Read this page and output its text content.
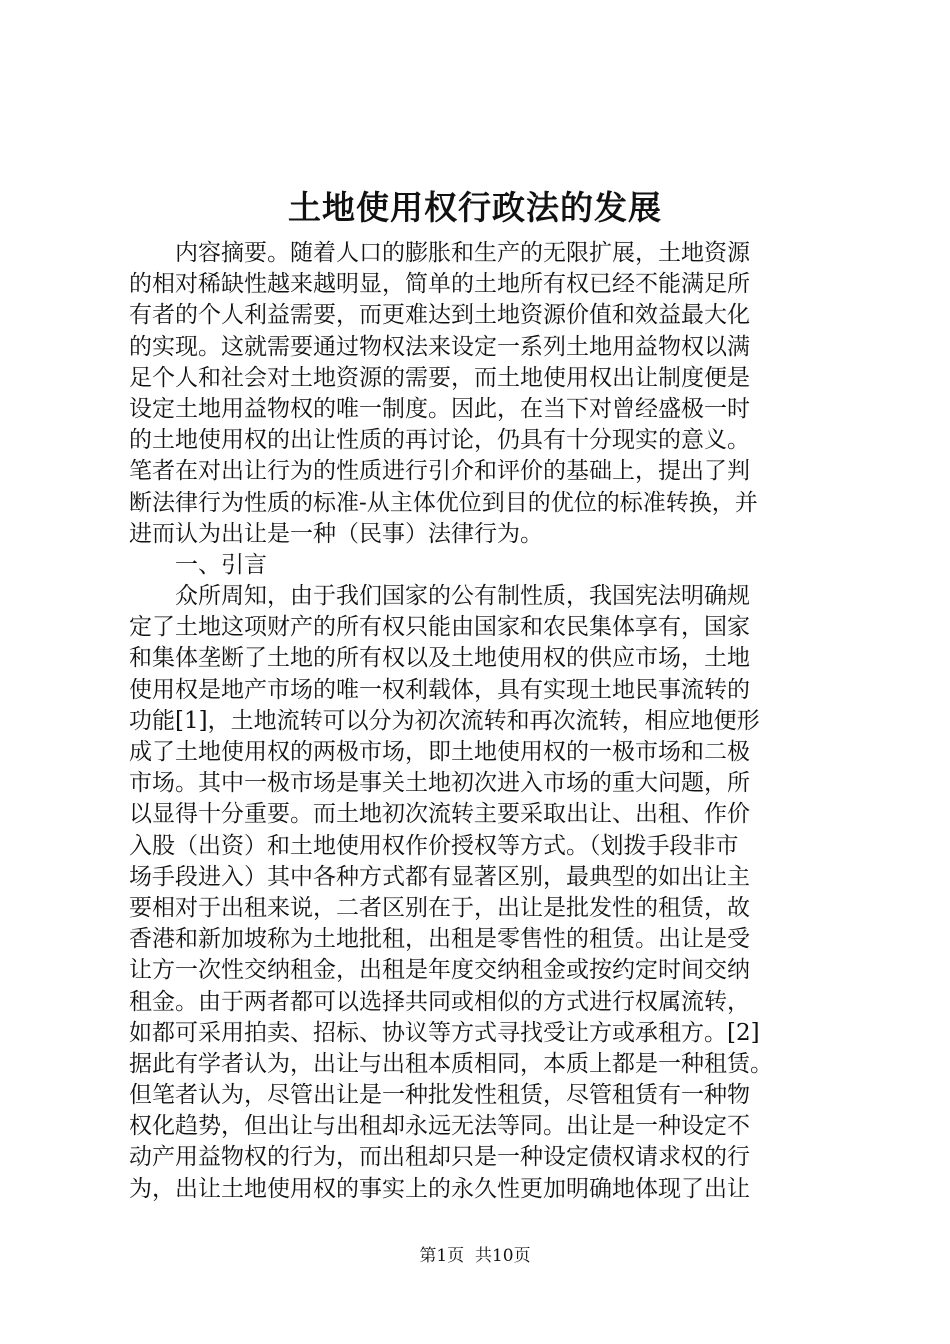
土地使用权行政法的发展
　　内容摘要。随着人口的膨胀和生产的无限扩展，土地资源
的相对稀缺性越来越明显，简单的土地所有权已经不能满足所
有者的个人利益需要，而更难达到土地资源价值和效益最大化
的实现。这就需要通过物权法来设定一系列土地用益物权以满
足个人和社会对土地资源的需要，而土地使用权出让制度便是
设定土地用益物权的唯一制度。因此，在当下对曾经盛极一时
的土地使用权的出让性质的再讨论，仍具有十分现实的意义。
笔者在对出让行为的性质进行引介和评价的基础上，提出了判
断法律行为性质的标准-从主体优位到目的优位的标准转换，并
进而认为出让是一种（民事）法律行为。
　　一、引言
　　众所周知，由于我们国家的公有制性质，我国宪法明确规
定了土地这项财产的所有权只能由国家和农民集体享有，国家
和集体垄断了土地的所有权以及土地使用权的供应市场，土地
使用权是地产市场的唯一权利载体，具有实现土地民事流转的
功能[1]，土地流转可以分为初次流转和再次流转，相应地便形
成了土地使用权的两极市场，即土地使用权的一极市场和二极
市场。其中一极市场是事关土地初次进入市场的重大问题，所
以显得十分重要。而土地初次流转主要采取出让、出租、作价
入股（出资）和土地使用权作价授权等方式。（划拨手段非市
场手段进入）其中各种方式都有显著区别，最典型的如出让主
要相对于出租来说，二者区别在于，出让是批发性的租赁，故
香港和新加坡称为土地批租，出租是零售性的租赁。出让是受
让方一次性交纳租金，出租是年度交纳租金或按约定时间交纳
租金。由于两者都可以选择共同或相似的方式进行权属流转，
如都可采用拍卖、招标、协议等方式寻找受让方或承租方。[2]
据此有学者认为，出让与出租本质相同，本质上都是一种租赁。
但笔者认为，尽管出让是一种批发性租赁，尽管租赁有一种物
权化趋势，但出让与出租却永远无法等同。出让是一种设定不
动产用益物权的行为，而出租却只是一种设定债权请求权的行
为，出让土地使用权的事实上的永久性更加明确地体现了出让
第1页  共10页
